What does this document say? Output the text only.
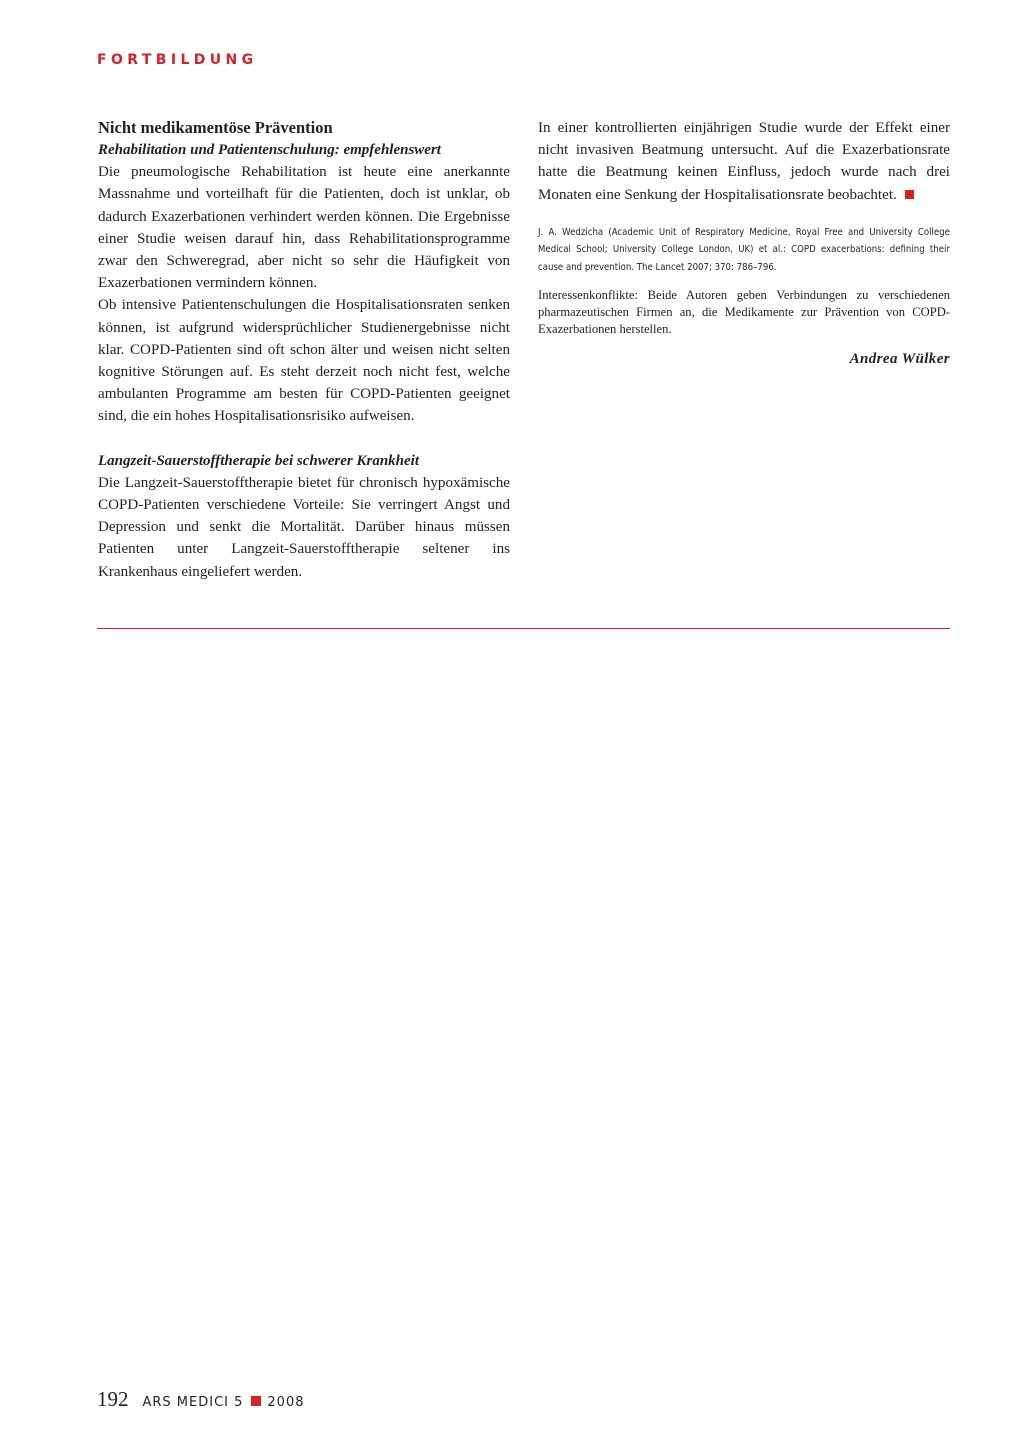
FORTBILDUNG
Nicht medikamentöse Prävention

Rehabilitation und Patientenschulung: empfehlenswert

Die pneumologische Rehabilitation ist heute eine anerkannte Massnahme und vorteilhaft für die Patienten, doch ist unklar, ob dadurch Exazerbationen verhindert werden können. Die Ergebnisse einer Studie weisen darauf hin, dass Rehabilitationsprogramme zwar den Schweregrad, aber nicht so sehr die Häufigkeit von Exazerbationen vermindern können.

Ob intensive Patientenschulungen die Hospitalisationsraten senken können, ist aufgrund widersprüchlicher Studienergebnisse nicht klar. COPD-Patienten sind oft schon älter und weisen nicht selten kognitive Störungen auf. Es steht derzeit noch nicht fest, welche ambulanten Programme am besten für COPD-Patienten geeignet sind, die ein hohes Hospitalisationsrisiko aufweisen.

Langzeit-Sauerstofftherapie bei schwerer Krankheit

Die Langzeit-Sauerstofftherapie bietet für chronisch hypoxämische COPD-Patienten verschiedene Vorteile: Sie verringert Angst und Depression und senkt die Mortalität. Darüber hinaus müssen Patienten unter Langzeit-Sauerstofftherapie seltener ins Krankenhaus eingeliefert werden.

In einer kontrollierten einjährigen Studie wurde der Effekt einer nicht invasiven Beatmung untersucht. Auf die Exazerbationsrate hatte die Beatmung keinen Einfluss, jedoch wurde nach drei Monaten eine Senkung der Hospitalisationsrate beobachtet.

J. A. Wedzicha (Academic Unit of Respiratory Medicine, Royal Free and University College Medical School; University College London, UK) et al.: COPD exacerbations: defining their cause and prevention. The Lancet 2007; 370: 786–796.

Interessenkonflikte: Beide Autoren geben Verbindungen zu verschiedenen pharmazeutischen Firmen an, die Medikamente zur Prävention von COPD-Exazerbationen herstellen.

Andrea Wülker

192 ARS MEDICI 5 2008
